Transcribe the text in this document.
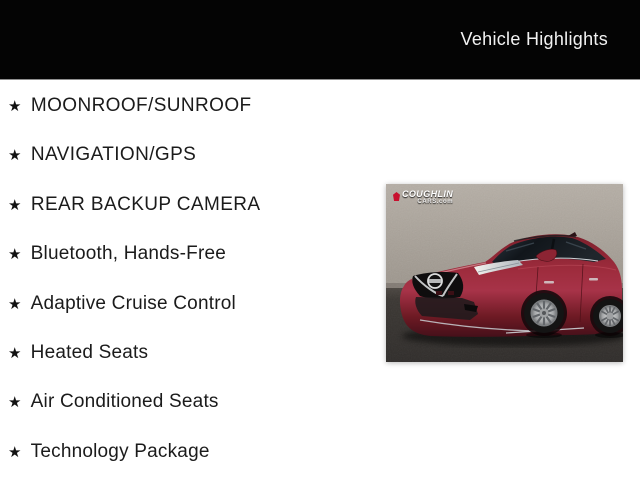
Vehicle Highlights
★ MOONROOF/SUNROOF
★ NAVIGATION/GPS
★ REAR BACKUP CAMERA
★ Bluetooth, Hands-Free
★ Adaptive Cruise Control
★ Heated Seats
★ Air Conditioned Seats
★ Technology Package
COUGHLIN
CARS.com
